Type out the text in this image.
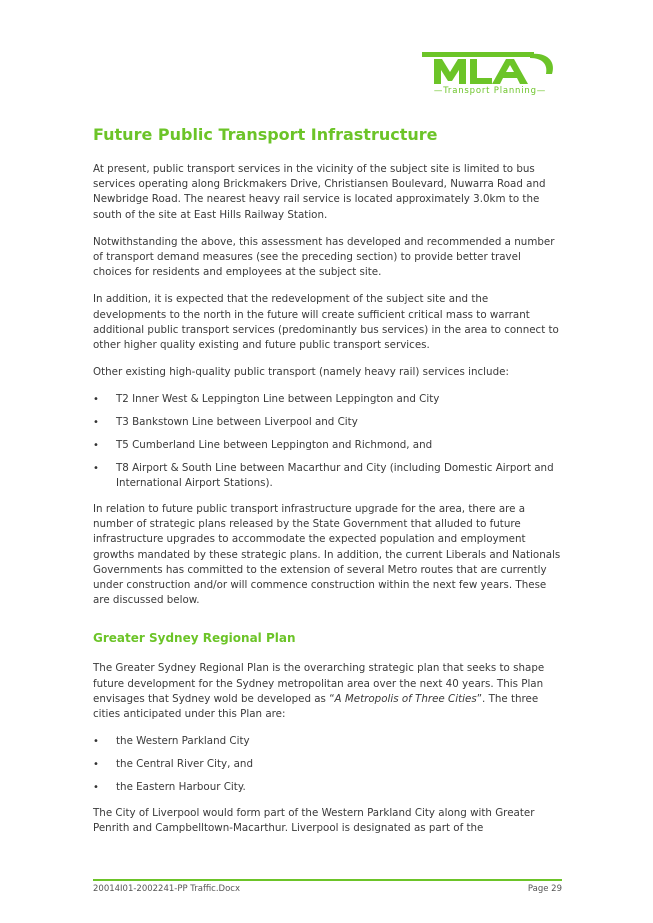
—Transport Planning—
Future Public Transport Infrastructure

At present, public transport services in the vicinity of the subject site is limited to bus services operating along Brickmakers Drive, Christiansen Boulevard, Nuwarra Road and Newbridge Road. The nearest heavy rail service is located approximately 3.0km to the south of the site at East Hills Railway Station.

Notwithstanding the above, this assessment has developed and recommended a number of transport demand measures (see the preceding section) to provide better travel choices for residents and employees at the subject site.

In addition, it is expected that the redevelopment of the subject site and the developments to the north in the future will create sufficient critical mass to warrant additional public transport services (predominantly bus services) in the area to connect to other higher quality existing and future public transport services.

Other existing high-quality public transport (namely heavy rail) services include:

• T2 Inner West & Leppington Line between Leppington and City
• T3 Bankstown Line between Liverpool and City
• T5 Cumberland Line between Leppington and Richmond, and
• T8 Airport & South Line between Macarthur and City (including Domestic Airport and International Airport Stations).

In relation to future public transport infrastructure upgrade for the area, there are a number of strategic plans released by the State Government that alluded to future infrastructure upgrades to accommodate the expected population and employment growths mandated by these strategic plans. In addition, the current Liberals and Nationals Governments has committed to the extension of several Metro routes that are currently under construction and/or will commence construction within the next few years. These are discussed below.

Greater Sydney Regional Plan

The Greater Sydney Regional Plan is the overarching strategic plan that seeks to shape future development for the Sydney metropolitan area over the next 40 years. This Plan envisages that Sydney wold be developed as “A Metropolis of Three Cities”. The three cities anticipated under this Plan are:

• the Western Parkland City
• the Central River City, and
• the Eastern Harbour City.

The City of Liverpool would form part of the Western Parkland City along with Greater Penrith and Campbelltown-Macarthur. Liverpool is designated as part of the

20014I01-2002241-PP Traffic.Docx	Page 29
